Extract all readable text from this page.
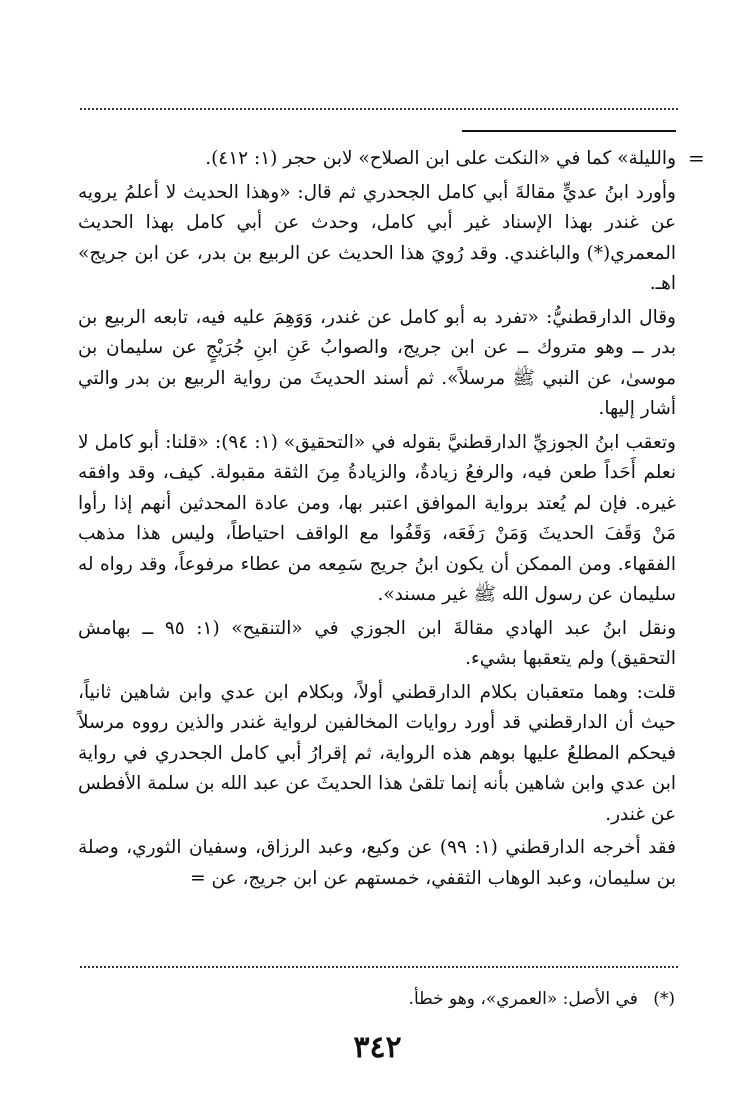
=

والليلة» كما في «النكت على ابن الصلاح» لابن حجر (١: ٤١٢).

وأورد ابنُ عديٍّ مقالةَ أبي كامل الجحدري ثم قال: «وهذا الحديث لا أعلمُ يرويه عن غندر بهذا الإسناد غير أبي كامل، وحدث عن أبي كامل بهذا الحديث المعمري(*) والباغندي. وقد رُويَ هذا الحديث عن الربيع بن بدر، عن ابن جريج» اهـ.

وقال الدارقطنيُّ: «تفرد به أبو كامل عن غندر، وَوَهِمَ عليه فيه، تابعه الربيع بن بدر ــ وهو متروك ــ عن ابن جريج، والصوابُ عَنِ ابنِ جُرَيْجٍ عن سليمان بن موسىٰ، عن النبي ﷺ مرسلاً». ثم أسند الحديثَ من رواية الربيع بن بدر والتي أشار إليها.

وتعقب ابنُ الجوزيِّ الدارقطنيَّ بقوله في «التحقيق» (١: ٩٤): «قلنا: أبو كامل لا نعلم أَحَداً طعن فيه، والرفعُ زيادةٌ، والزيادةُ مِنَ الثقة مقبولة. كيف، وقد وافقه غيره. فإن لم يُعتد برواية الموافق اعتبر بها، ومن عادة المحدثين أنهم إذا رأوا مَنْ وَقَفَ الحديثَ وَمَنْ رَفَعَه، وَقَفُوا مع الواقف احتياطاً، وليس هذا مذهب الفقهاء. ومن الممكن أن يكون ابنُ جريج سَمِعه من عطاء مرفوعاً، وقد رواه له سليمان عن رسول الله ﷺ غير مسند».

ونقل ابنُ عبد الهادي مقالةَ ابن الجوزي في «التنقيح» (١: ٩٥ ــ بهامش التحقيق) ولم يتعقبها بشيء.

قلت: وهما متعقبان بكلام الدارقطني أولاً، وبكلام ابن عدي وابن شاهين ثانياً، حيث أن الدارقطني قد أورد روايات المخالفين لرواية غندر والذين رووه مرسلاً فيحكم المطلعُ عليها بوهم هذه الرواية، ثم إقرارُ أبي كامل الجحدري في رواية ابن عدي وابن شاهين بأنه إنما تلقىٰ هذا الحديثَ عن عبد الله بن سلمة الأفطس عن غندر.

فقد أخرجه الدارقطني (١: ٩٩) عن وكيع، وعبد الرزاق، وسفيان الثوري، وصلة بن سليمان، وعبد الوهاب الثقفي، خمستهم عن ابن جريج، عن =

(*) في الأصل: «العمري»، وهو خطأ.
٣٤٢
